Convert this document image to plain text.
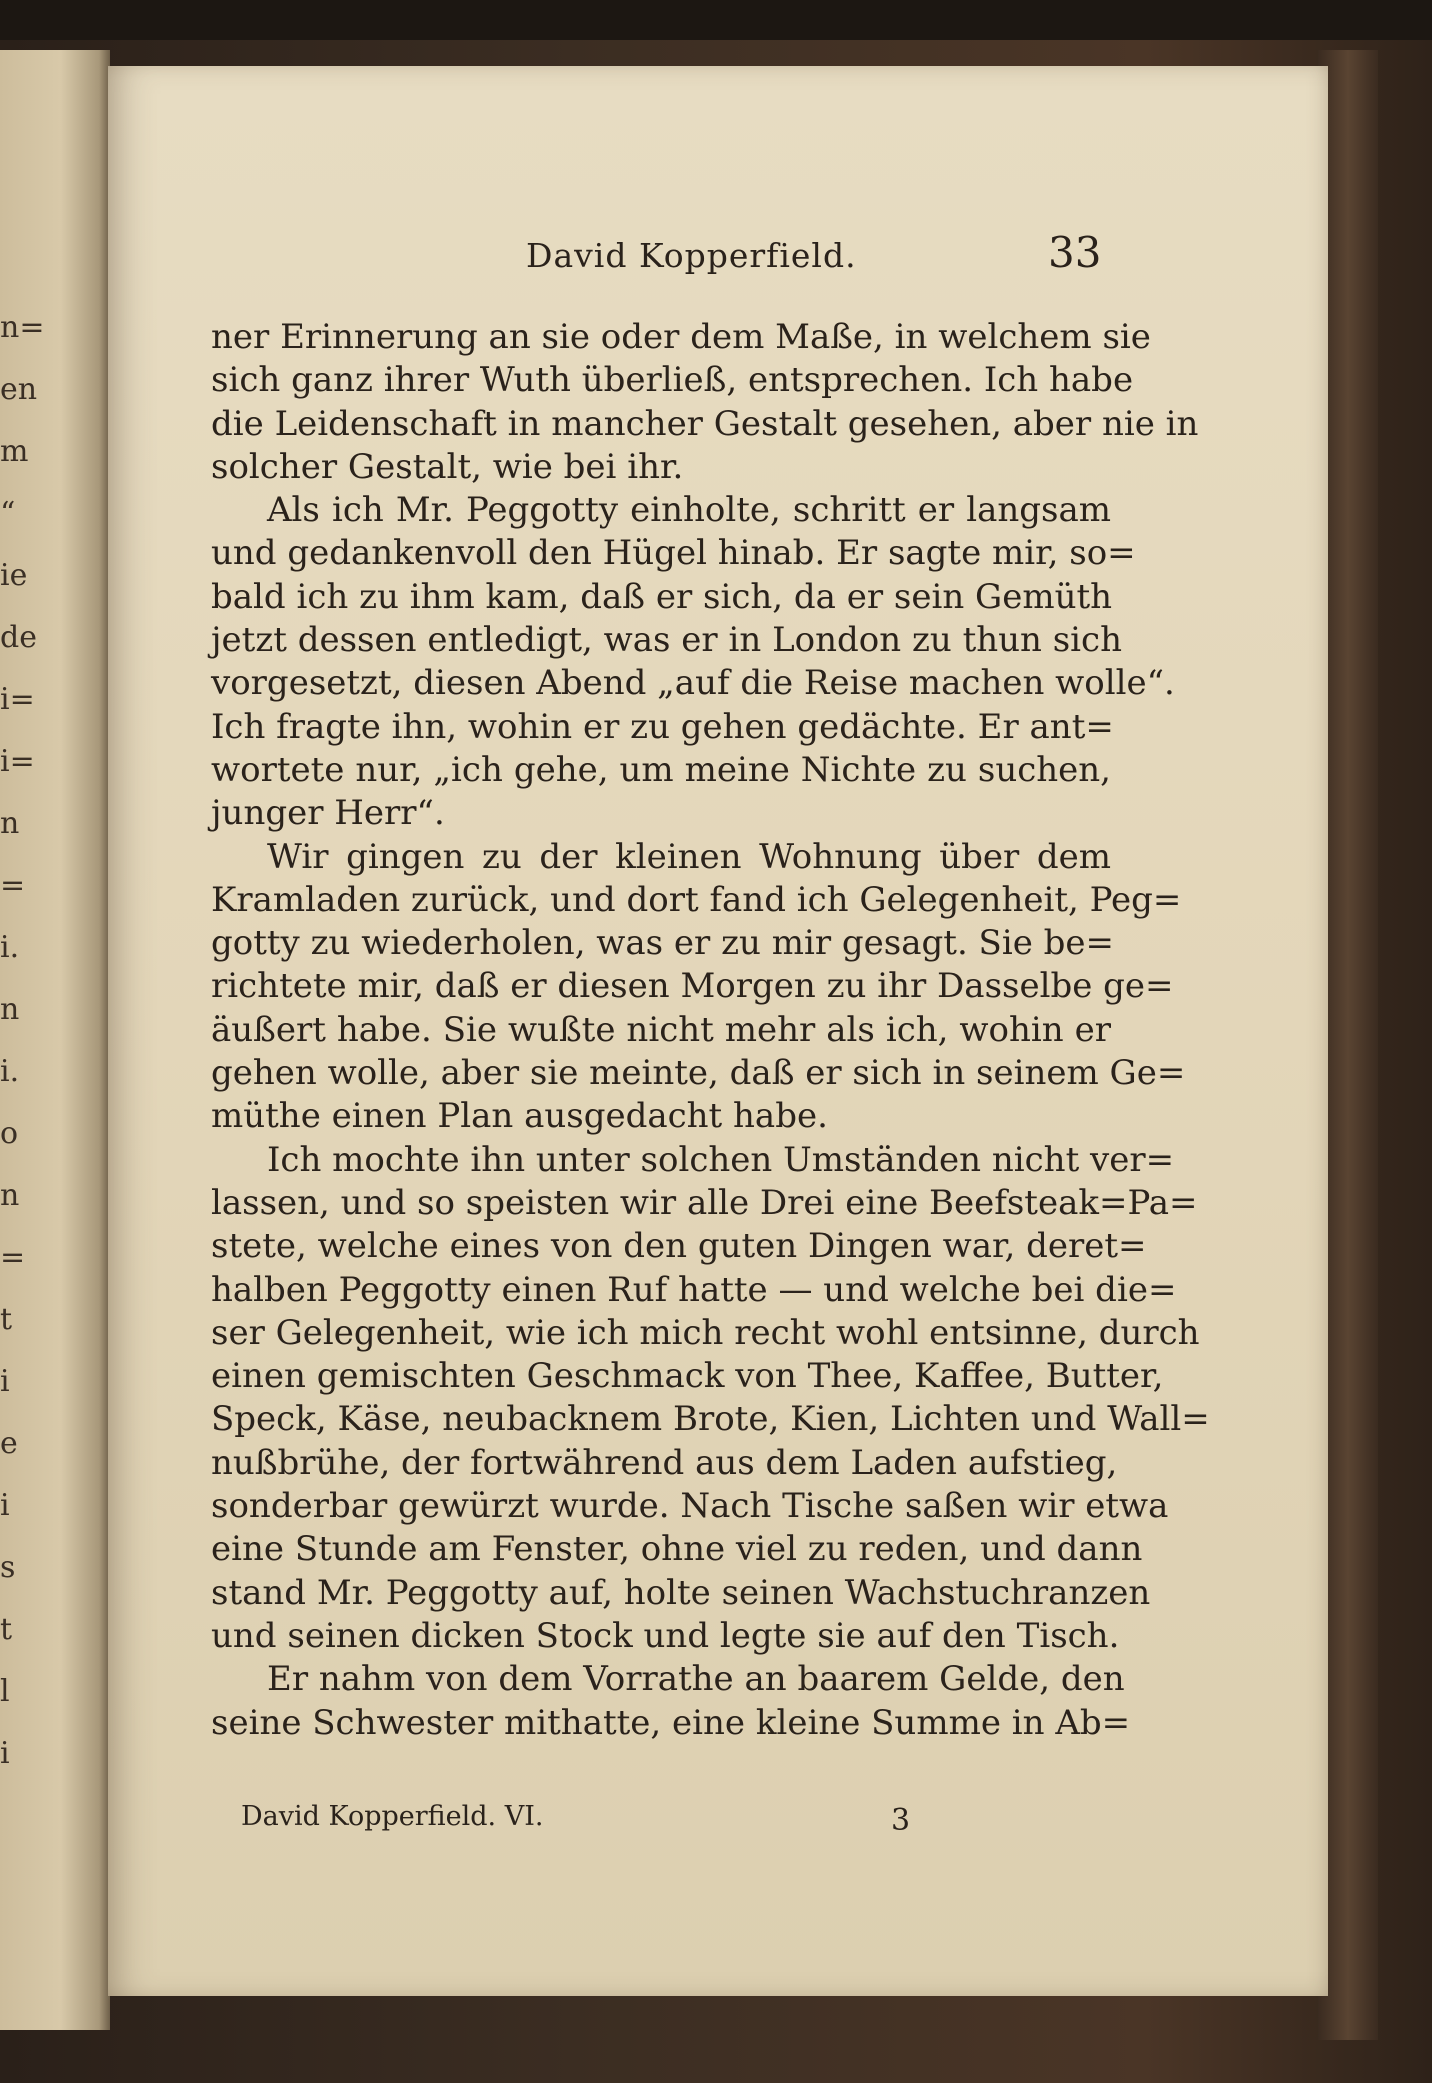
n=
en
m
“
ie
de
i=
i=
n
=
i.
n
i.
o
n
=
t
i
e
i
s
t
l
i
David Kopperfield.	33
ner Erinnerung an sie oder dem Maße, in welchem sie
sich ganz ihrer Wuth überließ, entsprechen. Ich habe
die Leidenschaft in mancher Gestalt gesehen, aber nie in
solcher Gestalt, wie bei ihr.
Als ich Mr. Peggotty einholte, schritt er langsam
und gedankenvoll den Hügel hinab. Er sagte mir, so=
bald ich zu ihm kam, daß er sich, da er sein Gemüth
jetzt dessen entledigt, was er in London zu thun sich
vorgesetzt, diesen Abend „auf die Reise machen wolle“.
Ich fragte ihn, wohin er zu gehen gedächte. Er ant=
wortete nur, „ich gehe, um meine Nichte zu suchen,
junger Herr“.
Wir gingen zu der kleinen Wohnung über dem
Kramladen zurück, und dort fand ich Gelegenheit, Peg=
gotty zu wiederholen, was er zu mir gesagt. Sie be=
richtete mir, daß er diesen Morgen zu ihr Dasselbe ge=
äußert habe. Sie wußte nicht mehr als ich, wohin er
gehen wolle, aber sie meinte, daß er sich in seinem Ge=
müthe einen Plan ausgedacht habe.
Ich mochte ihn unter solchen Umständen nicht ver=
lassen, und so speisten wir alle Drei eine Beefsteak=Pa=
stete, welche eines von den guten Dingen war, deret=
halben Peggotty einen Ruf hatte — und welche bei die=
ser Gelegenheit, wie ich mich recht wohl entsinne, durch
einen gemischten Geschmack von Thee, Kaffee, Butter,
Speck, Käse, neubacknem Brote, Kien, Lichten und Wall=
nußbrühe, der fortwährend aus dem Laden aufstieg,
sonderbar gewürzt wurde. Nach Tische saßen wir etwa
eine Stunde am Fenster, ohne viel zu reden, und dann
stand Mr. Peggotty auf, holte seinen Wachstuchranzen
und seinen dicken Stock und legte sie auf den Tisch.
Er nahm von dem Vorrathe an baarem Gelde, den
seine Schwester mithatte, eine kleine Summe in Ab=
David Kopperfield. VI.	3
